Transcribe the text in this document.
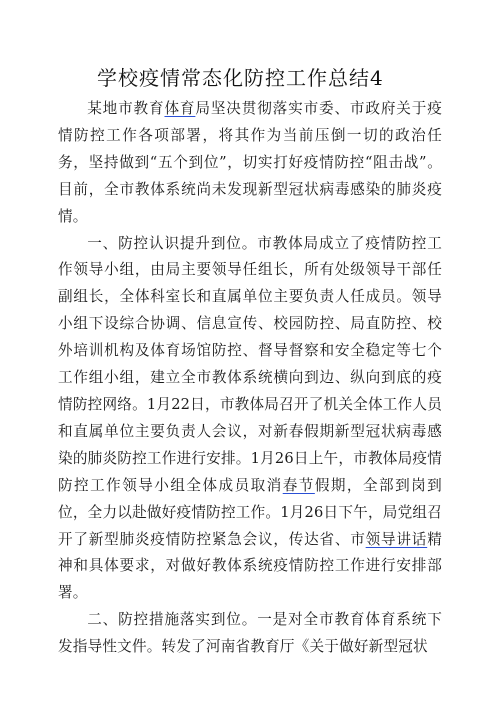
学校疫情常态化防控工作总结4

某地市教育体育局坚决贯彻落实市委、市政府关于疫情防控工作各项部署，将其作为当前压倒一切的政治任务，坚持做到“五个到位”，切实打好疫情防控“阻击战”。目前，全市教体系统尚未发现新型冠状病毒感染的肺炎疫情。

一、防控认识提升到位。市教体局成立了疫情防控工作领导小组，由局主要领导任组长，所有处级领导干部任副组长，全体科室长和直属单位主要负责人任成员。领导小组下设综合协调、信息宣传、校园防控、局直防控、校外培训机构及体育场馆防控、督导督察和安全稳定等七个工作组小组，建立全市教体系统横向到边、纵向到底的疫情防控网络。1月22日，市教体局召开了机关全体工作人员和直属单位主要负责人会议，对新春假期新型冠状病毒感染的肺炎防控工作进行安排。1月26日上午，市教体局疫情防控工作领导小组全体成员取消春节假期，全部到岗到位，全力以赴做好疫情防控工作。1月26日下午，局党组召开了新型肺炎疫情防控紧急会议，传达省、市领导讲话精神和具体要求，对做好教体系统疫情防控工作进行安排部署。

二、防控措施落实到位。一是对全市教育体育系统下发指导性文件。转发了河南省教育厅《关于做好新型冠状
